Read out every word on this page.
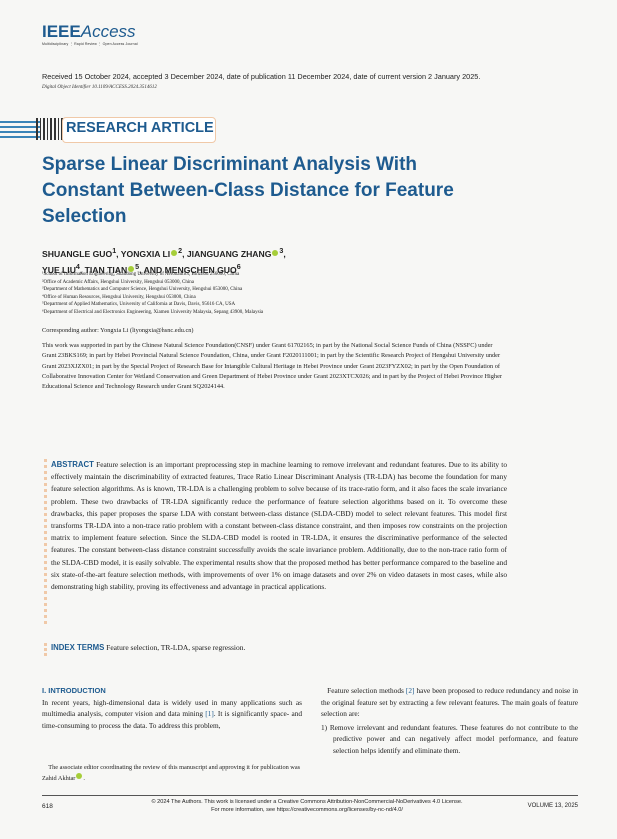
IEEEAccess
Multidisciplinary ⋮ Rapid Review ⋮ Open Access Journal
Received 15 October 2024, accepted 3 December 2024, date of publication 11 December 2024, date of current version 2 January 2025.
Digital Object Identifier 10.1109/ACCESS.2024.3514612
RESEARCH ARTICLE
Sparse Linear Discriminant Analysis With Constant Between-Class Distance for Feature Selection
SHUANGLE GUO$^1$, YONGXIA LI $^2$, JIANGUANG ZHANG $^3$,
YUE LIU$^4$, TIAN TIAN $^5$, AND MENGCHEN GUO$^6$
¹School of Information Engineering, Shandong University of Aeronautics, Binzhou 256600, China
²Office of Academic Affairs, Hengshui University, Hengshui 053000, China
³Department of Mathematics and Computer Science, Hengshui University, Hengshui 053000, China
⁴Office of Human Resources, Hengshui University, Hengshui 053000, China
⁵Department of Applied Mathematics, University of California at Davis, Davis, 95616 CA, USA
⁶Department of Electrical and Electronics Engineering, Xiamen University Malaysia, Sepang 43900, Malaysia
Corresponding author: Yongxia Li (liyongxia@hsnc.edu.cn)
This work was supported in part by the Chinese Natural Science Foundation(CNSF) under Grant 61702165; in part by the National Social Science Funds of China (NSSFC) under Grant 23BKS169; in part by Hebei Provincial Natural Science Foundation, China, under Grant F2020111001; in part by the Scientific Research Project of Hengshui University under Grant 2023XJZX01; in part by the Special Project of Research Base for Intangible Cultural Heritage in Hebei Province under Grant 2023FYZX02; in part by the Open Foundation of Collaborative Innovation Center for Wetland Conservation and Green Department of Hebei Province under Grant 2023XTCX026; and in part by the Project of Hebei Province Higher Educational Science and Technology Research under Grant SQ2024144.
ABSTRACT Feature selection is an important preprocessing step in machine learning to remove irrelevant and redundant features. Due to its ability to effectively maintain the discriminability of extracted features, Trace Ratio Linear Discriminant Analysis (TR-LDA) has become the foundation for many feature selection algorithms. As is known, TR-LDA is a challenging problem to solve because of its trace-ratio form, and it also faces the scale invariance problem. These two drawbacks of TR-LDA significantly reduce the performance of feature selection algorithms based on it. To overcome these drawbacks, this paper proposes the sparse LDA with constant between-class distance (SLDA-CBD) model to select relevant features. This model first transforms TR-LDA into a non-trace ratio problem with a constant between-class distance constraint, and then imposes row constraints on the projection matrix to implement feature selection. Since the SLDA-CBD model is rooted in TR-LDA, it ensures the discriminative performance of the selected features. The constant between-class distance constraint successfully avoids the scale invariance problem. Additionally, due to the non-trace ratio form of the SLDA-CBD model, it is easily solvable. The experimental results show that the proposed method has better performance compared to the baseline and six state-of-the-art feature selection methods, with improvements of over 1% on image datasets and over 2% on video datasets in most cases, while also demonstrating high stability, proving its effectiveness and advantage in practical applications.
INDEX TERMS Feature selection, TR-LDA, sparse regression.
I. INTRODUCTION
In recent years, high-dimensional data is widely used in many applications such as multimedia analysis, computer vision and data mining [1]. It is significantly space- and time-consuming to process the data. To address this problem,
The associate editor coordinating the review of this manuscript and approving it for publication was Zahid Akhtar .
Feature selection methods [2] have been proposed to reduce redundancy and noise in the original feature set by extracting a few relevant features. The main goals of feature selection are:
1) Remove irrelevant and redundant features. These features do not contribute to the predictive power and can negatively affect model performance, and feature selection helps identify and eliminate them.
618
© 2024 The Authors. This work is licensed under a Creative Commons Attribution-NonCommercial-NoDerivatives 4.0 License.
For more information, see https://creativecommons.org/licenses/by-nc-nd/4.0/
VOLUME 13, 2025
